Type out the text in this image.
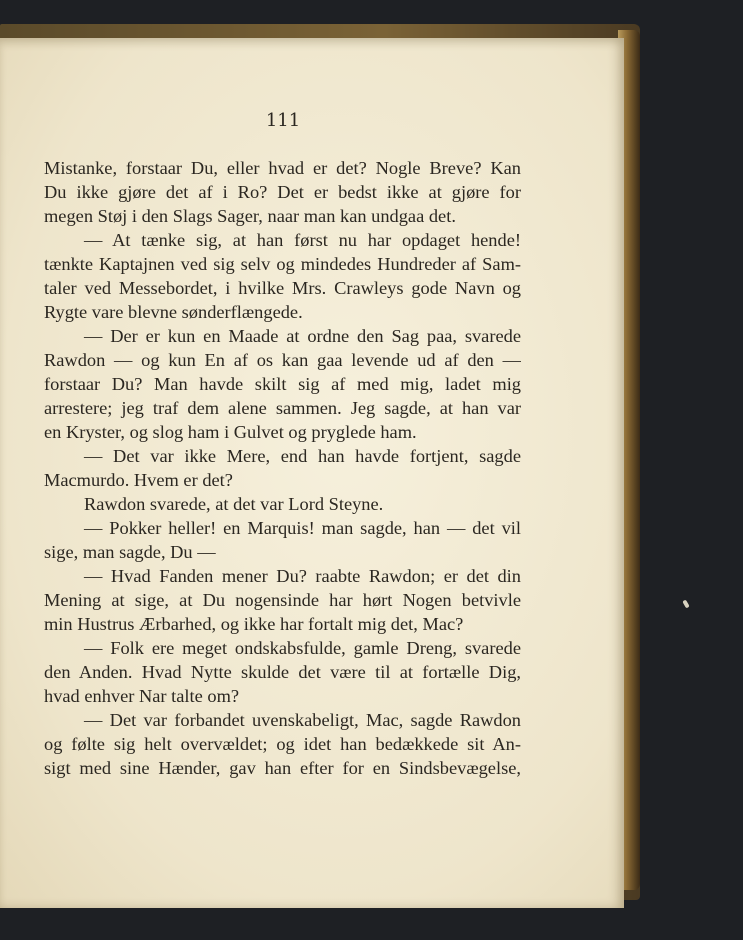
111
Mistanke, forstaar Du, eller hvad er det? Nogle Breve? Kan
Du ikke gjøre det af i Ro? Det er bedst ikke at gjøre for
megen Støj i den Slags Sager, naar man kan undgaa det.
— At tænke sig, at han først nu har opdaget hende!
tænkte Kaptajnen ved sig selv og mindedes Hundreder af Sam-
taler ved Messebordet, i hvilke Mrs. Crawleys gode Navn og
Rygte vare blevne sønderflængede.
— Der er kun en Maade at ordne den Sag paa, svarede
Rawdon — og kun En af os kan gaa levende ud af den —
forstaar Du? Man havde skilt sig af med mig, ladet mig
arrestere; jeg traf dem alene sammen. Jeg sagde, at han var
en Kryster, og slog ham i Gulvet og pryglede ham.
— Det var ikke Mere, end han havde fortjent, sagde
Macmurdo. Hvem er det?
Rawdon svarede, at det var Lord Steyne.
— Pokker heller! en Marquis! man sagde, han — det vil
sige, man sagde, Du —
— Hvad Fanden mener Du? raabte Rawdon; er det din
Mening at sige, at Du nogensinde har hørt Nogen betvivle
min Hustrus Ærbarhed, og ikke har fortalt mig det, Mac?
— Folk ere meget ondskabsfulde, gamle Dreng, svarede
den Anden. Hvad Nytte skulde det være til at fortælle Dig,
hvad enhver Nar talte om?
— Det var forbandet uvenskabeligt, Mac, sagde Rawdon
og følte sig helt overvældet; og idet han bedækkede sit An-
sigt med sine Hænder, gav han efter for en Sindsbevægelse,
